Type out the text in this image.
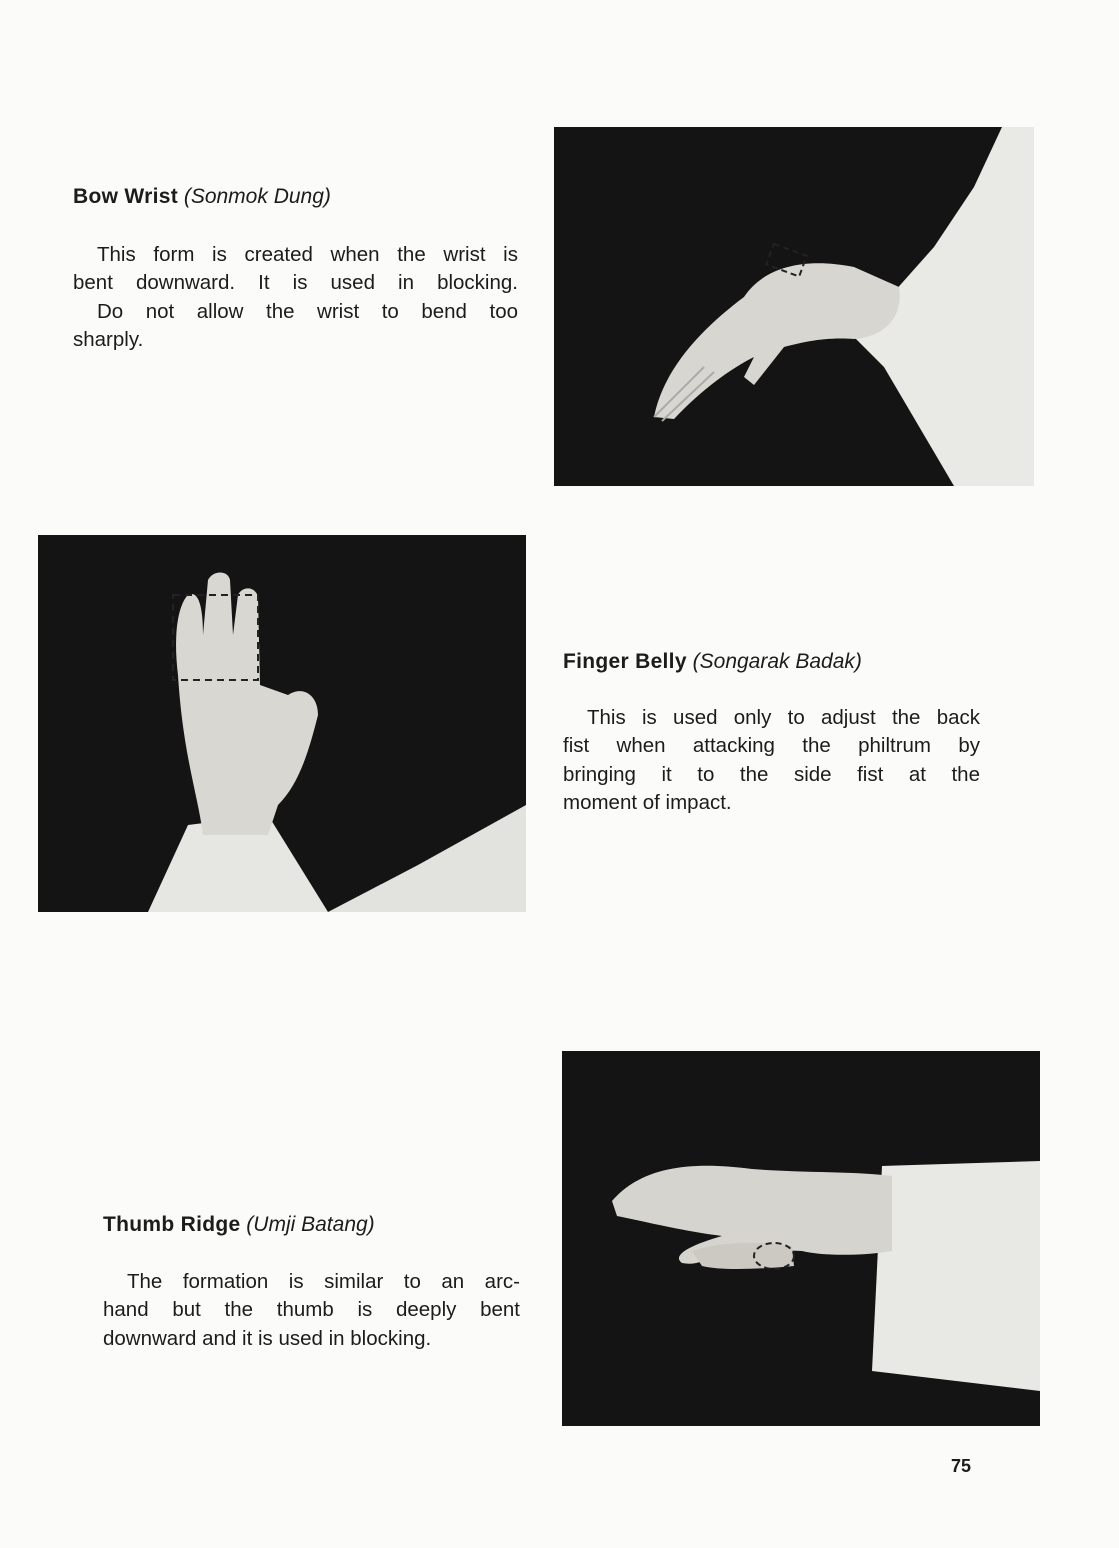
Bow Wrist (Sonmok Dung)
This form is created when the wrist is
bent downward. It is used in blocking.
Do not allow the wrist to bend too
sharply.
Finger Belly (Songarak Badak)
This is used only to adjust the back
fist when attacking the philtrum by
bringing it to the side fist at the
moment of impact.
Thumb Ridge (Umji Batang)
The formation is similar to an arc-
hand but the thumb is deeply bent
downward and it is used in blocking.
75
